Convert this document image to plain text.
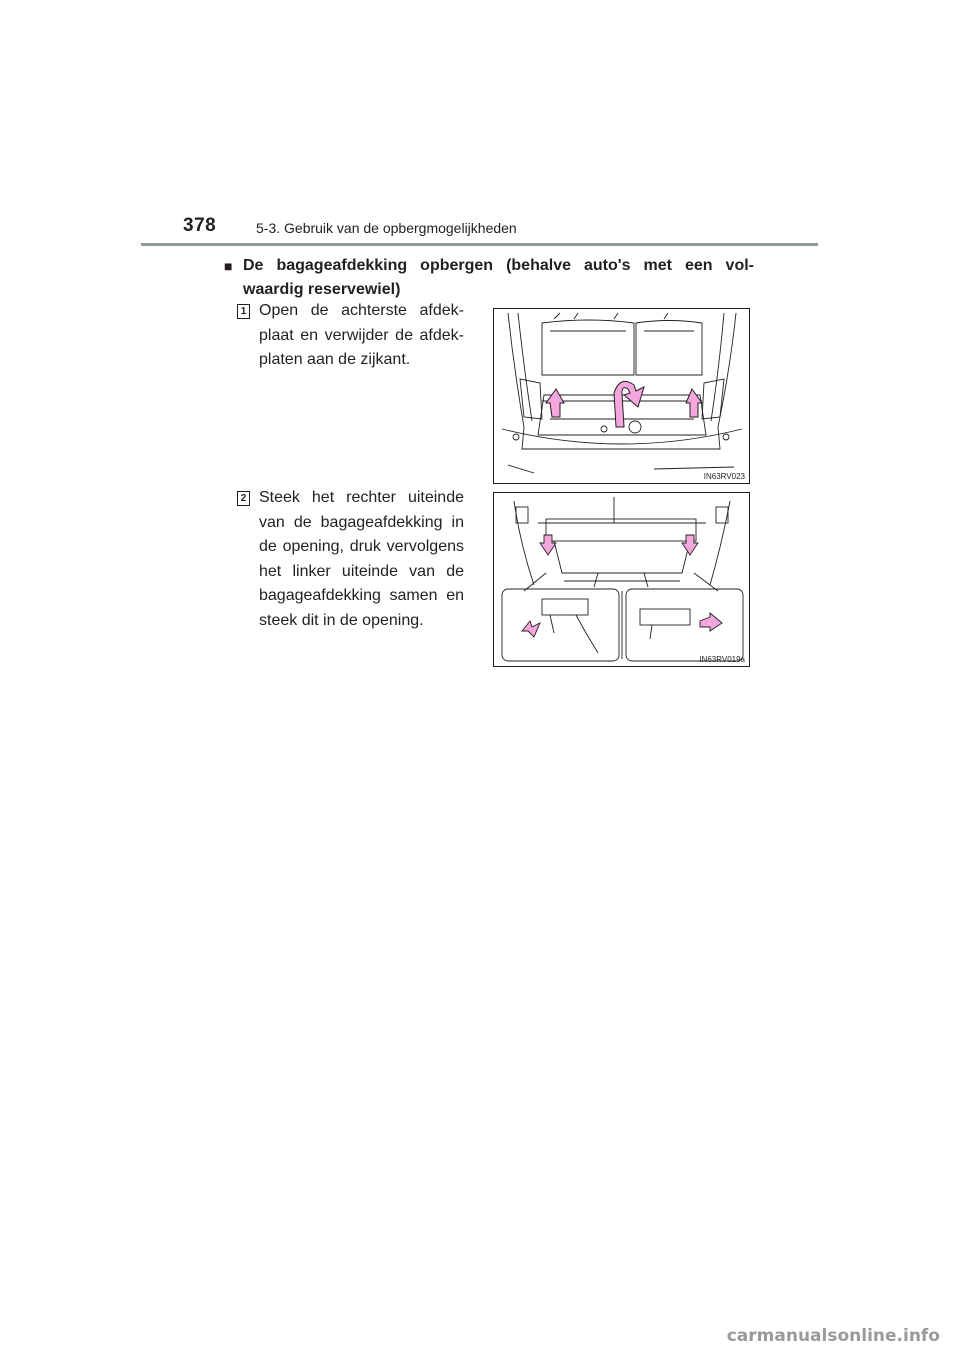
378	5-3. Gebruik van de opbergmogelijkheden
■ De bagageafdekking opbergen (behalve auto's met een vol- waardig reservewiel)
1 Open de achterste afdek- plaat en verwijder de afdek- platen aan de zijkant.
IN63RV023
2 Steek het rechter uiteinde van de bagageafdekking in de opening, druk vervolgens het linker uiteinde van de bagageafdekking samen en steek dit in de opening.
IN63RV019a
carmanualsonline.info
